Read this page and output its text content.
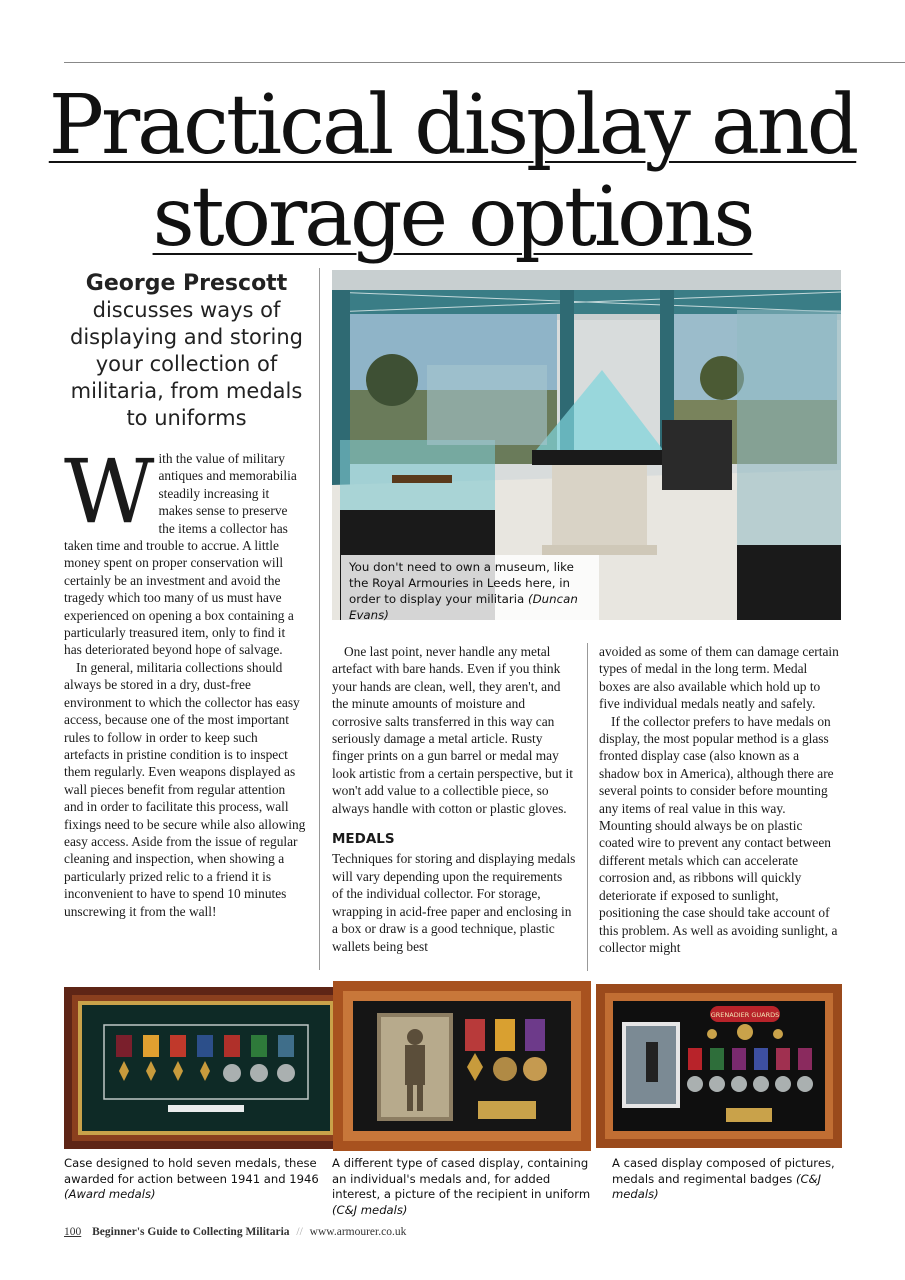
Practical display and
storage options
George Prescott
discusses ways of displaying and storing your collection of militaria, from medals to uniforms

With the value of military antiques and memorabilia steadily increasing it makes sense to preserve the items a collector has taken time and trouble to accrue. A little money spent on proper conservation will certainly be an investment and avoid the tragedy which too many of us must have experienced on opening a box containing a particularly treasured item, only to find it has deteriorated beyond hope of salvage.

In general, militaria collections should always be stored in a dry, dust-free environment to which the collector has easy access, because one of the most important rules to follow in order to keep such artefacts in pristine condition is to inspect them regularly. Even weapons displayed as wall pieces benefit from regular attention and in order to facilitate this process, wall fixings need to be secure while also allowing easy access. Aside from the issue of regular cleaning and inspection, when showing a particularly prized relic to a friend it is inconvenient to have to spend 10 minutes unscrewing it from the wall!

You don't need to own a museum, like the Royal Armouries in Leeds here, in order to display your militaria (Duncan Evans)

One last point, never handle any metal artefact with bare hands. Even if you think your hands are clean, well, they aren't, and the minute amounts of moisture and corrosive salts transferred in this way can seriously damage a metal article. Rusty finger prints on a gun barrel or medal may look artistic from a certain perspective, but it won't add value to a collectible piece, so always handle with cotton or plastic gloves.

MEDALS

Techniques for storing and displaying medals will vary depending upon the requirements of the individual collector. For storage, wrapping in acid-free paper and enclosing in a box or draw is a good technique, plastic wallets being best

avoided as some of them can damage certain types of medal in the long term. Medal boxes are also available which hold up to five individual medals neatly and safely.

If the collector prefers to have medals on display, the most popular method is a glass fronted display case (also known as a shadow box in America), although there are several points to consider before mounting any items of real value in this way. Mounting should always be on plastic coated wire to prevent any contact between different metals which can accelerate corrosion and, as ribbons will quickly deteriorate if exposed to sunlight, positioning the case should take account of this problem. As well as avoiding sunlight, a collector might

Case designed to hold seven medals, these awarded for action between 1941 and 1946 (Award medals)
A different type of cased display, containing an individual's medals and, for added interest, a picture of the recipient in uniform (C&J medals)
GRENADIER GUARDS
A cased display composed of pictures, medals and regimental badges (C&J medals)
100 Beginner's Guide to Collecting Militaria // www.armourer.co.uk
